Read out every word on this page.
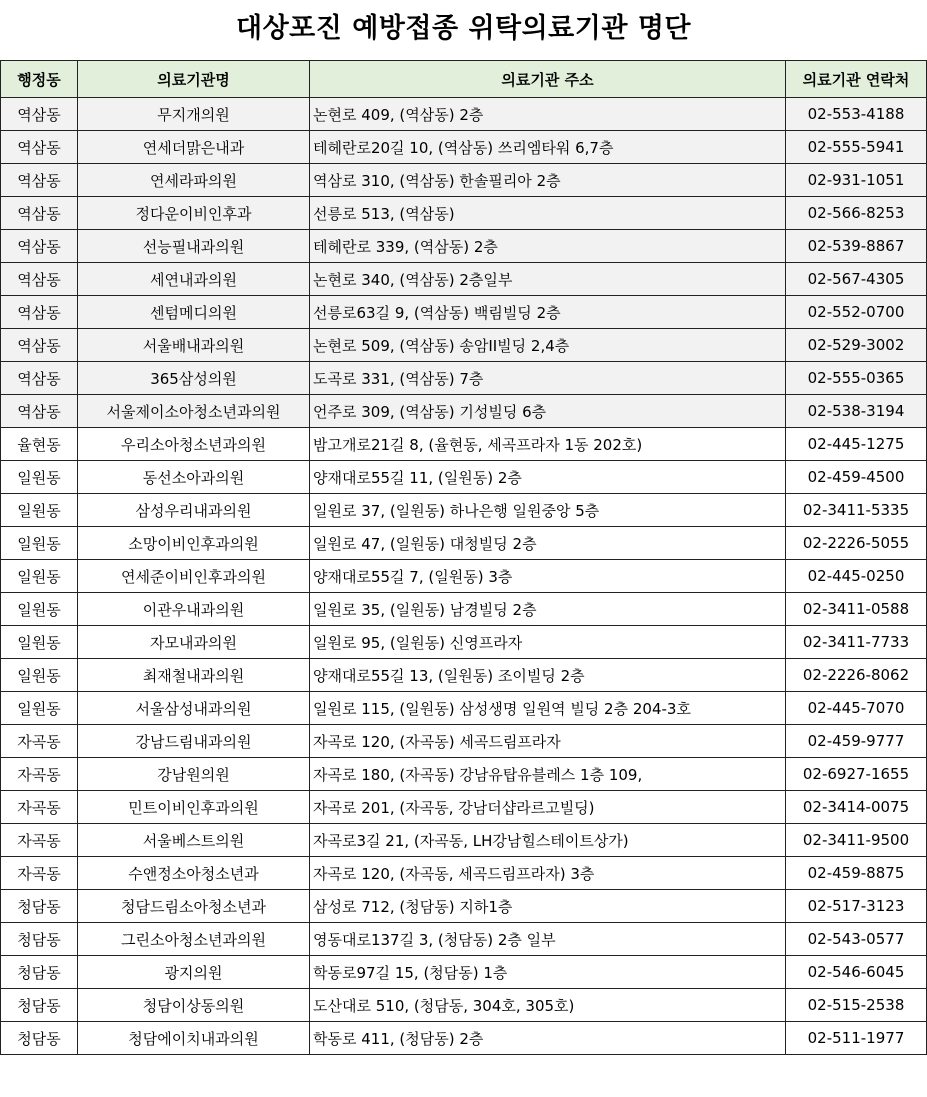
대상포진 예방접종 위탁의료기관 명단
행정동	의료기관명	의료기관 주소	의료기관 연락처
역삼동	무지개의원	논현로 409, (역삼동) 2층	02-553-4188
역삼동	연세더맑은내과	테헤란로20길 10, (역삼동) 쓰리엠타워 6,7층	02-555-5941
역삼동	연세라파의원	역삼로 310, (역삼동) 한솔필리아 2층	02-931-1051
역삼동	정다운이비인후과	선릉로 513, (역삼동)	02-566-8253
역삼동	선능필내과의원	테헤란로 339, (역삼동) 2층	02-539-8867
역삼동	세연내과의원	논현로 340, (역삼동) 2층일부	02-567-4305
역삼동	센텀메디의원	선릉로63길 9, (역삼동) 백림빌딩 2층	02-552-0700
역삼동	서울배내과의원	논현로 509, (역삼동) 송암II빌딩 2,4층	02-529-3002
역삼동	365삼성의원	도곡로 331, (역삼동) 7층	02-555-0365
역삼동	서울제이소아청소년과의원	언주로 309, (역삼동) 기성빌딩 6층	02-538-3194
율현동	우리소아청소년과의원	밤고개로21길 8, (율현동, 세곡프라자 1동 202호)	02-445-1275
일원동	동선소아과의원	양재대로55길 11, (일원동) 2층	02-459-4500
일원동	삼성우리내과의원	일원로 37, (일원동) 하나은행 일원중앙 5층	02-3411-5335
일원동	소망이비인후과의원	일원로 47, (일원동) 대청빌딩 2층	02-2226-5055
일원동	연세준이비인후과의원	양재대로55길 7, (일원동) 3층	02-445-0250
일원동	이관우내과의원	일원로 35, (일원동) 남경빌딩 2층	02-3411-0588
일원동	자모내과의원	일원로 95, (일원동) 신영프라자	02-3411-7733
일원동	최재철내과의원	양재대로55길 13, (일원동) 조이빌딩 2층	02-2226-8062
일원동	서울삼성내과의원	일원로 115, (일원동) 삼성생명 일원역 빌딩 2층 204-3호	02-445-7070
자곡동	강남드림내과의원	자곡로 120, (자곡동) 세곡드림프라자	02-459-9777
자곡동	강남원의원	자곡로 180, (자곡동) 강남유탑유블레스 1층 109,	02-6927-1655
자곡동	민트이비인후과의원	자곡로 201, (자곡동, 강남더샵라르고빌딩)	02-3414-0075
자곡동	서울베스트의원	자곡로3길 21, (자곡동, LH강남힐스테이트상가)	02-3411-9500
자곡동	수앤정소아청소년과	자곡로 120, (자곡동, 세곡드림프라자) 3층	02-459-8875
청담동	청담드림소아청소년과	삼성로 712, (청담동) 지하1층	02-517-3123
청담동	그린소아청소년과의원	영동대로137길 3, (청담동) 2층 일부	02-543-0577
청담동	광지의원	학동로97길 15, (청담동) 1층	02-546-6045
청담동	청담이상동의원	도산대로 510, (청담동, 304호, 305호)	02-515-2538
청담동	청담에이치내과의원	학동로 411, (청담동) 2층	02-511-1977
